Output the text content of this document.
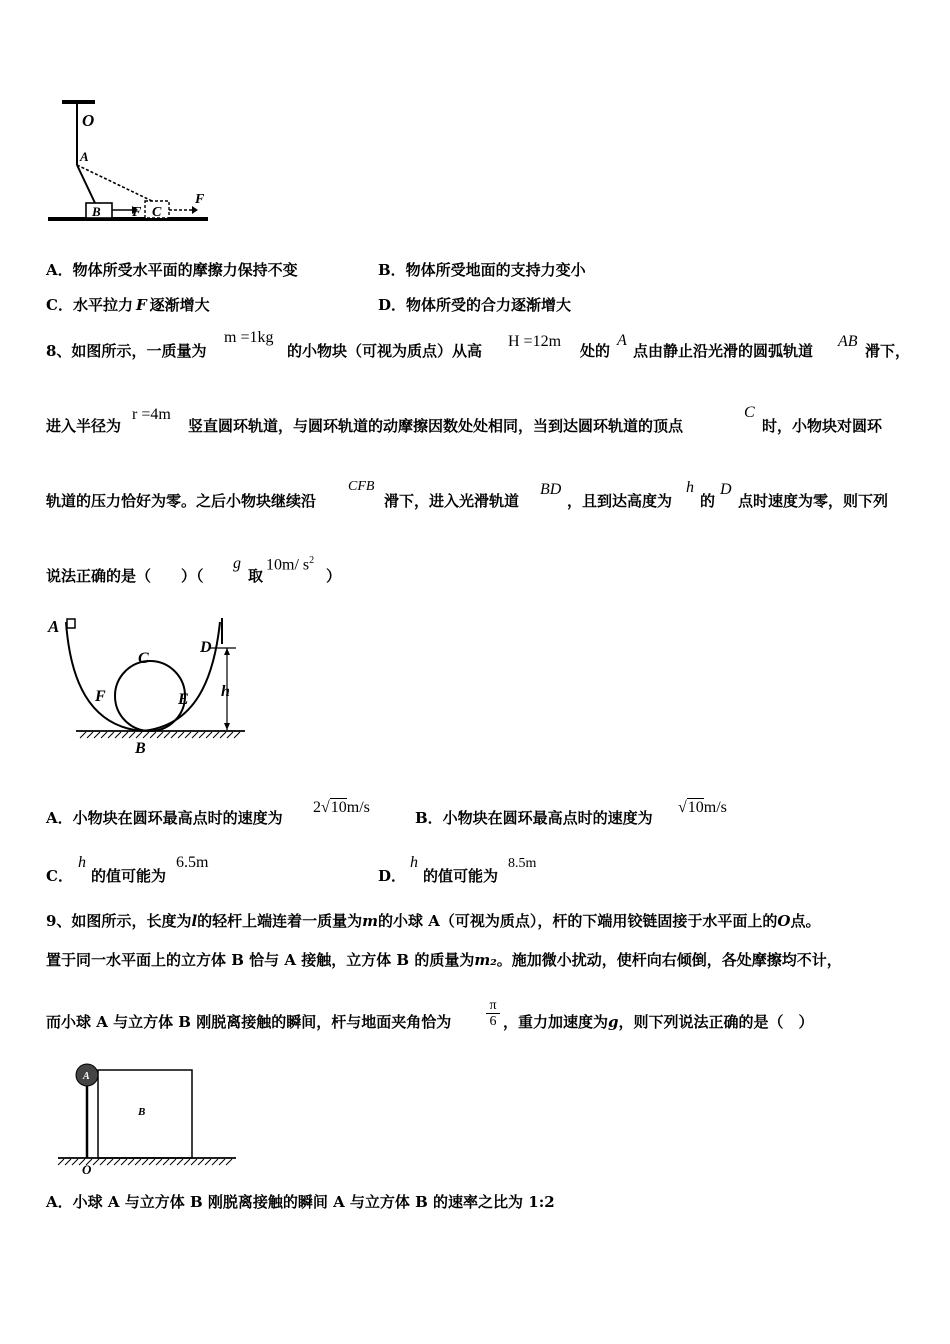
O
A
B F C
F
A．物体所受水平面的摩擦力保持不变	B．物体所受地面的支持力变小
C．水平拉力 F 逐渐增大	D．物体所受的合力逐渐增大
8、如图所示，一质量为
m =1kg
的小物块（可视为质点）从高
H =12m
处的
A
点由静止沿光滑的圆弧轨道
AB
滑下，
进入半径为
r =4m
竖直圆环轨道，与圆环轨道的动摩擦因数处处相同，当到达圆环轨道的顶点
C
时，小物块对圆环
轨道的压力恰好为零。之后小物块继续沿
CFB
滑下，进入光滑轨道
BD
，且到达高度为
h
的
D
点时速度为零，则下列
说法正确的是（　　）（
g
取
10m/ $s^2$
）
A
C
D
F	E h
B
A．小物块在圆环最高点时的速度为
2√10m/s
B．小物块在圆环最高点时的速度为
√10m/s
C．
h
的值可能为
6.5m
D．
h
的值可能为
8.5m
9、如图所示，长度为l的轻杆上端连着一质量为m的小球 A（可视为质点），杆的下端用铰链固接于水平面上的O点。
置于同一水平面上的立方体 B 恰与 A 接触，立方体 B 的质量为m₂。施加微小扰动，使杆向右倾倒，各处摩擦均不计，
而小球 A 与立方体 B 刚脱离接触的瞬间，杆与地面夹角恰为 $\frac{\pi}{6}$ ，重力加速度为g，则下列说法正确的是（　）
A
B
O
A．小球 A 与立方体 B 刚脱离接触的瞬间 A 与立方体 B 的速率之比为 1:2
